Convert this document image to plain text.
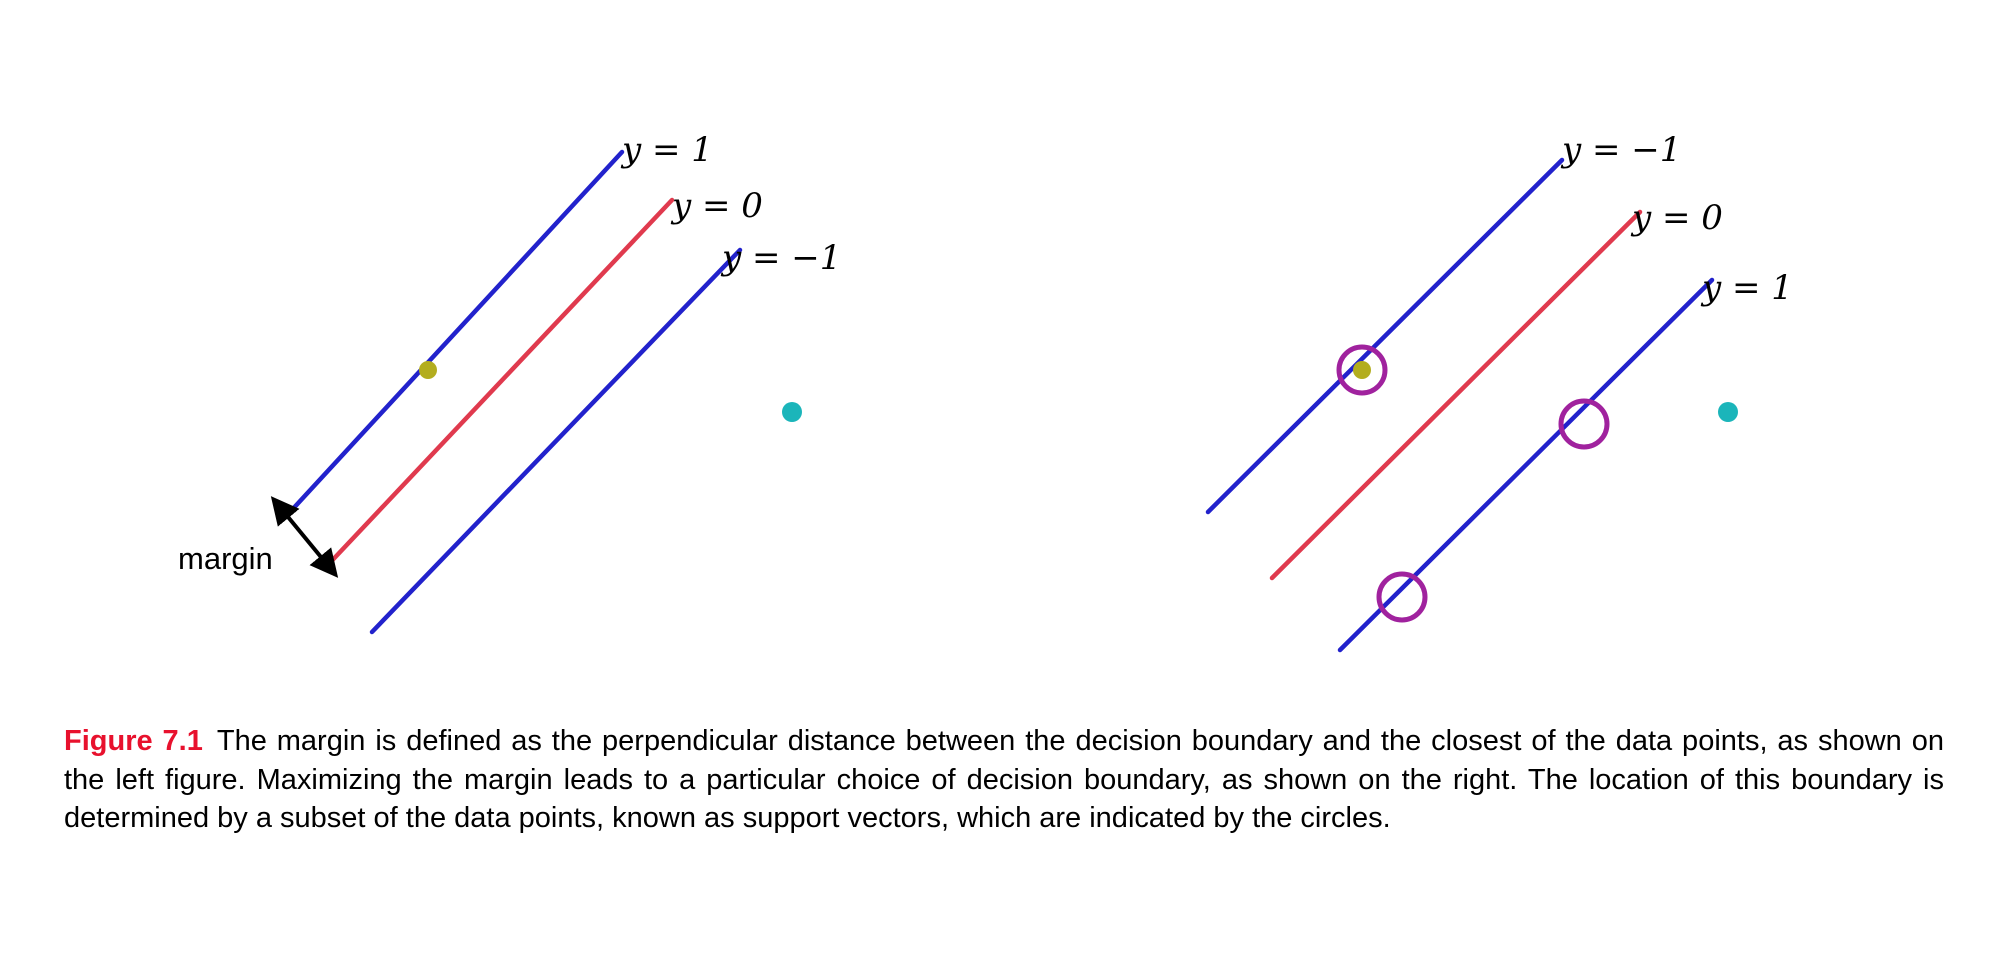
y = 1
y = 0
y = −1
margin
y = −1
y = 0
y = 1
Figure 7.1 The margin is defined as the perpendicular distance between the decision boundary and the closest of the data points, as shown on the left figure. Maximizing the margin leads to a particular choice of decision boundary, as shown on the right. The location of this boundary is determined by a subset of the data points, known as support vectors, which are indicated by the circles.
